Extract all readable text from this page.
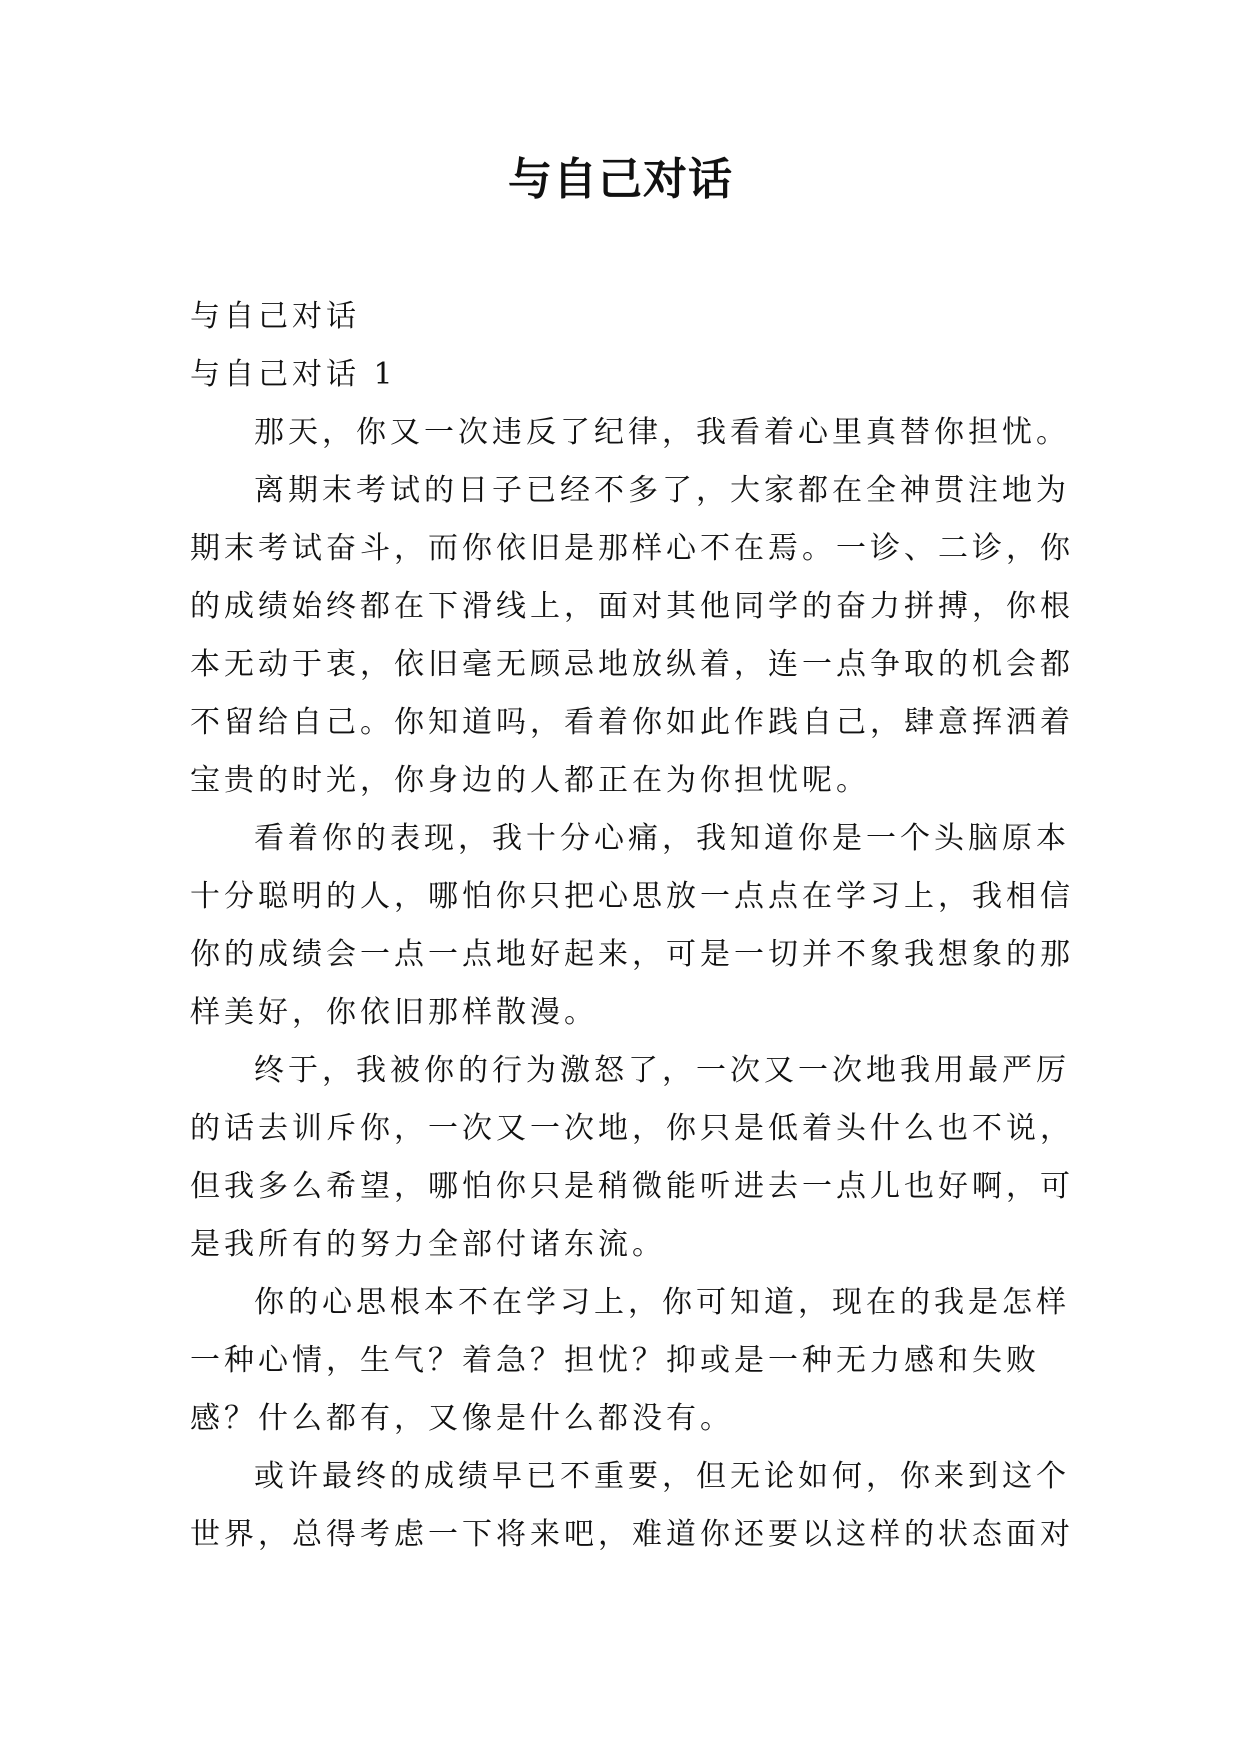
与自己对话
与自己对话
与自己对话 1
那天，你又一次违反了纪律，我看着心里真替你担忧。
离期末考试的日子已经不多了，大家都在全神贯注地为
期末考试奋斗，而你依旧是那样心不在焉。一诊、二诊，你
的成绩始终都在下滑线上，面对其他同学的奋力拼搏，你根
本无动于衷，依旧毫无顾忌地放纵着，连一点争取的机会都
不留给自己。你知道吗，看着你如此作践自己，肆意挥洒着
宝贵的时光，你身边的人都正在为你担忧呢。
看着你的表现，我十分心痛，我知道你是一个头脑原本
十分聪明的人，哪怕你只把心思放一点点在学习上，我相信
你的成绩会一点一点地好起来，可是一切并不象我想象的那
样美好，你依旧那样散漫。
终于，我被你的行为激怒了，一次又一次地我用最严厉
的话去训斥你，一次又一次地，你只是低着头什么也不说，
但我多么希望，哪怕你只是稍微能听进去一点儿也好啊，可
是我所有的努力全部付诸东流。
你的心思根本不在学习上，你可知道，现在的我是怎样
一种心情，生气？着急？担忧？抑或是一种无力感和失败
感？什么都有，又像是什么都没有。
或许最终的成绩早已不重要，但无论如何，你来到这个
世界，总得考虑一下将来吧，难道你还要以这样的状态面对
